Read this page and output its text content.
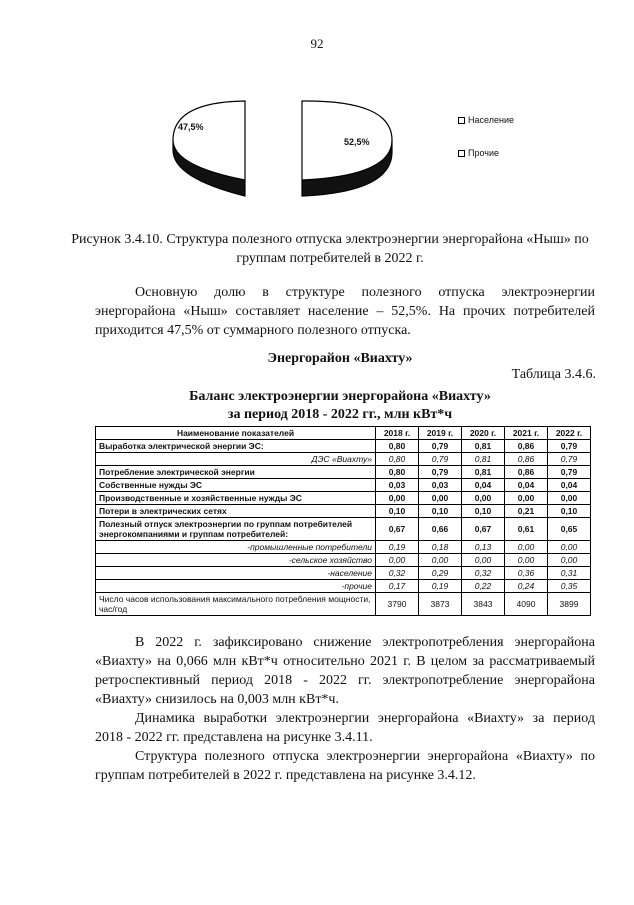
92
47,5%
52,5%
Население
Прочие
Рисунок 3.4.10. Структура полезного отпуска электроэнергии энергорайона «Ныш» по группам потребителей в 2022 г.
Основную долю в структуре полезного отпуска электроэнергии энергорайона «Ныш» составляет население – 52,5%. На прочих потребителей приходится 47,5% от суммарного полезного отпуска.
Энергорайон «Виахту»
Таблица 3.4.6.
Баланс электроэнергии энергорайона «Виахту»
за период 2018 - 2022 гг., млн кВт*ч
Наименование показателей	2018 г.	2019 г.	2020 г.	2021 г.	2022 г.
Выработка электрической энергии ЭС:	0,80	0,79	0,81	0,86	0,79
ДЭС «Виахту»	0,80	0,79	0,81	0,86	0,79
Потребление электрической энергии	0,80	0,79	0,81	0,86	0,79
Собственные нужды ЭС	0,03	0,03	0,04	0,04	0,04
Производственные и хозяйственные нужды ЭС	0,00	0,00	0,00	0,00	0,00
Потери в электрических сетях	0,10	0,10	0,10	0,21	0,10
Полезный отпуск электроэнергии по группам потребителей энергокомпаниями и группам потребителей:	0,67	0,66	0,67	0,61	0,65
-промышленные потребители	0,19	0,18	0,13	0,00	0,00
-сельское хозяйство	0,00	0,00	0,00	0,00	0,00
-население	0,32	0,29	0,32	0,36	0,31
-прочие	0,17	0,19	0,22	0,24	0,35
Число часов использования максимального потребления мощности, час/год	3790	3873	3843	4090	3899
В 2022 г. зафиксировано снижение электропотребления энергорайона «Виахту» на 0,066 млн кВт*ч относительно 2021 г. В целом за рассматриваемый ретроспективный период 2018 - 2022 гг. электропотребление энергорайона «Виахту» снизилось на 0,003 млн кВт*ч.
Динамика выработки электроэнергии энергорайона «Виахту» за период 2018 - 2022 гг. представлена на рисунке 3.4.11.
Структура полезного отпуска электроэнергии энергорайона «Виахту» по группам потребителей в 2022 г. представлена на рисунке 3.4.12.
